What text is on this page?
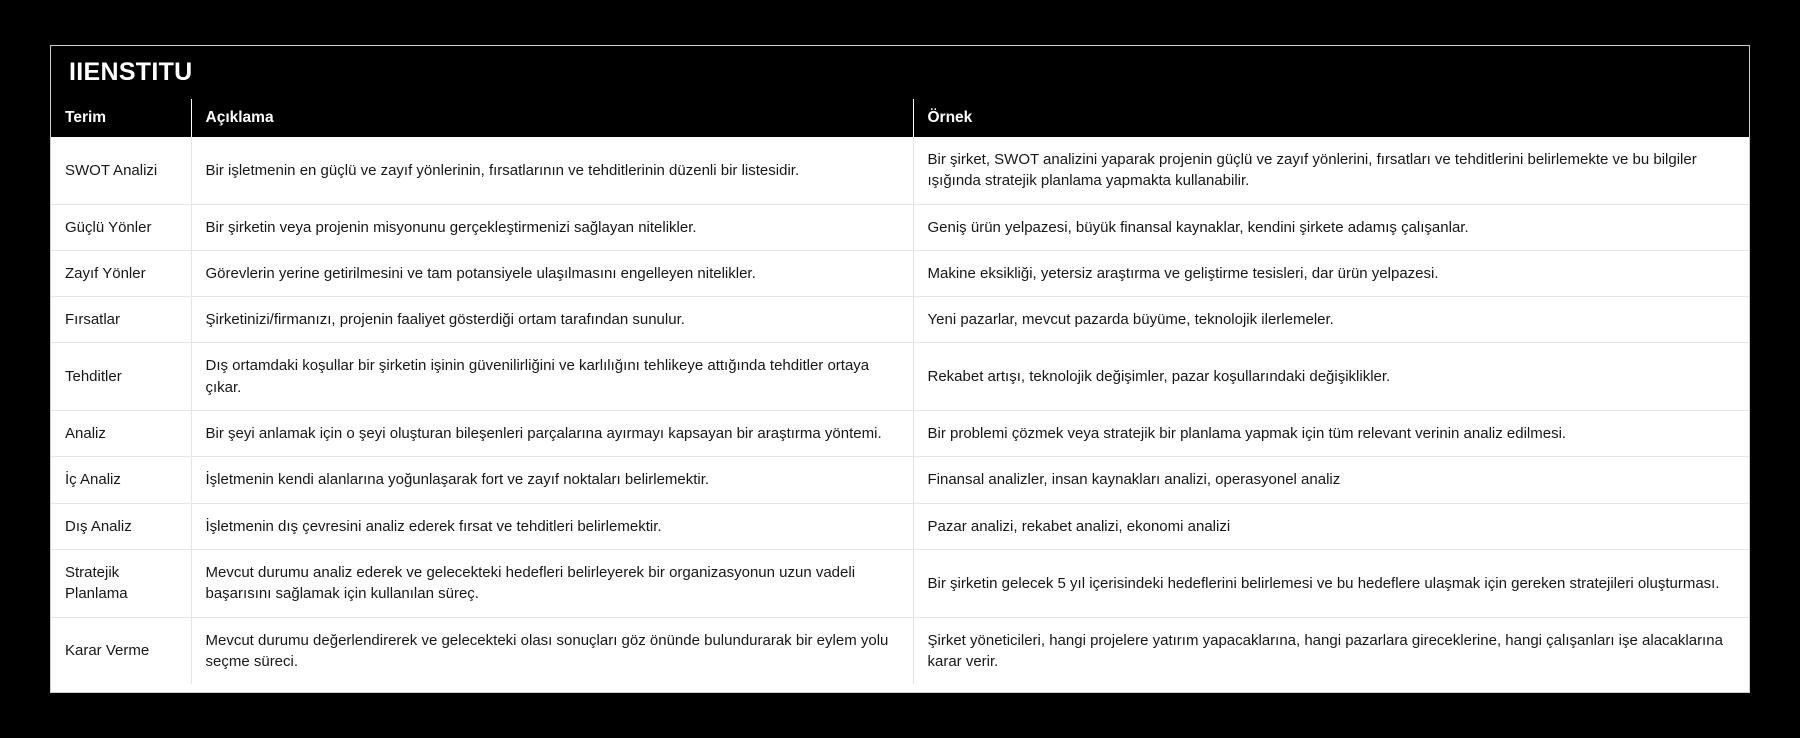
IIENSTITU
Terim	Açıklama	Örnek
SWOT Analizi	Bir işletmenin en güçlü ve zayıf yönlerinin, fırsatlarının ve tehditlerinin düzenli bir listesidir.	Bir şirket, SWOT analizini yaparak projenin güçlü ve zayıf yönlerini, fırsatları ve tehditlerini belirlemekte ve bu bilgiler ışığında stratejik planlama yapmakta kullanabilir.
Güçlü Yönler	Bir şirketin veya projenin misyonunu gerçekleştirmenizi sağlayan nitelikler.	Geniş ürün yelpazesi, büyük finansal kaynaklar, kendini şirkete adamış çalışanlar.
Zayıf Yönler	Görevlerin yerine getirilmesini ve tam potansiyele ulaşılmasını engelleyen nitelikler.	Makine eksikliği, yetersiz araştırma ve geliştirme tesisleri, dar ürün yelpazesi.
Fırsatlar	Şirketinizi/firmanızı, projenin faaliyet gösterdiği ortam tarafından sunulur.	Yeni pazarlar, mevcut pazarda büyüme, teknolojik ilerlemeler.
Tehditler	Dış ortamdaki koşullar bir şirketin işinin güvenilirliğini ve karlılığını tehlikeye attığında tehditler ortaya çıkar.	Rekabet artışı, teknolojik değişimler, pazar koşullarındaki değişiklikler.
Analiz	Bir şeyi anlamak için o şeyi oluşturan bileşenleri parçalarına ayırmayı kapsayan bir araştırma yöntemi.	Bir problemi çözmek veya stratejik bir planlama yapmak için tüm relevant verinin analiz edilmesi.
İç Analiz	İşletmenin kendi alanlarına yoğunlaşarak fort ve zayıf noktaları belirlemektir.	Finansal analizler, insan kaynakları analizi, operasyonel analiz
Dış Analiz	İşletmenin dış çevresini analiz ederek fırsat ve tehditleri belirlemektir.	Pazar analizi, rekabet analizi, ekonomi analizi
Stratejik Planlama	Mevcut durumu analiz ederek ve gelecekteki hedefleri belirleyerek bir organizasyonun uzun vadeli başarısını sağlamak için kullanılan süreç.	Bir şirketin gelecek 5 yıl içerisindeki hedeflerini belirlemesi ve bu hedeflere ulaşmak için gereken stratejileri oluşturması.
Karar Verme	Mevcut durumu değerlendirerek ve gelecekteki olası sonuçları göz önünde bulundurarak bir eylem yolu seçme süreci.	Şirket yöneticileri, hangi projelere yatırım yapacaklarına, hangi pazarlara gireceklerine, hangi çalışanları işe alacaklarına karar verir.
